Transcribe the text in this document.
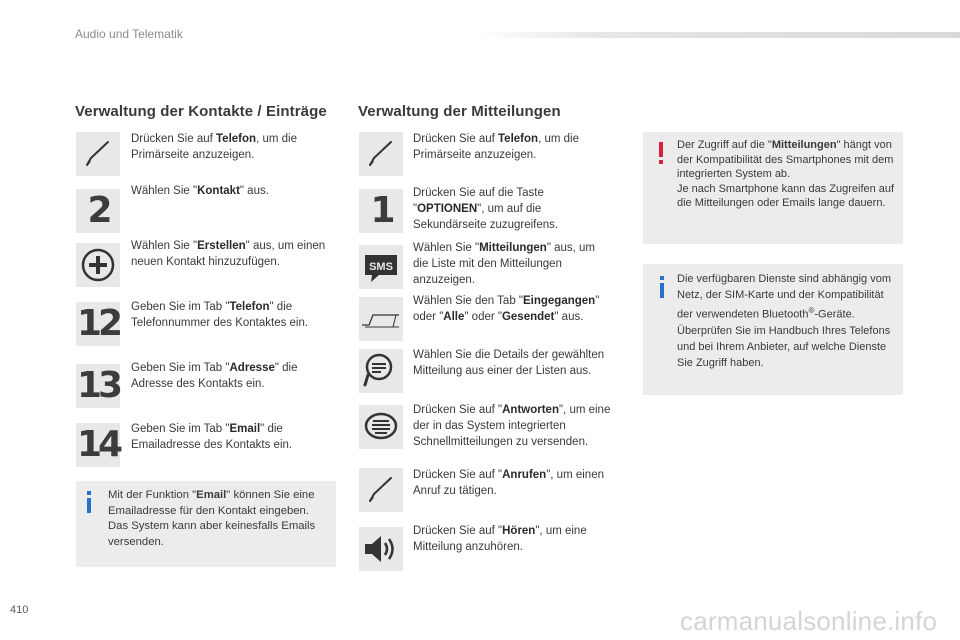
Audio und Telematik
Verwaltung der Kontakte / Einträge
Drücken Sie auf Telefon, um die Primärseite anzuzeigen.
2	Wählen Sie "Kontakt" aus.
Wählen Sie "Erstellen" aus, um einen neuen Kontakt hinzuzufügen.
12 Geben Sie im Tab "Telefon" die Telefonnummer des Kontaktes ein.
13 Geben Sie im Tab "Adresse" die Adresse des Kontakts ein.
14 Geben Sie im Tab "Email" die Emailadresse des Kontakts ein.
Mit der Funktion "Email" können Sie eine Emailadresse für den Kontakt eingeben. Das System kann aber keinesfalls Emails versenden.
Verwaltung der Mitteilungen
Drücken Sie auf Telefon, um die Primärseite anzuzeigen.
1	Drücken Sie auf die Taste "OPTIONEN", um auf die Sekundärseite zuzugreifens.
SMS
Wählen Sie "Mitteilungen" aus, um die Liste mit den Mitteilungen anzuzeigen.
Wählen Sie den Tab "Eingegangen" oder "Alle" oder "Gesendet" aus.
Wählen Sie die Details der gewählten Mitteilung aus einer der Listen aus.
Drücken Sie auf "Antworten", um eine der in das System integrierten Schnellmitteilungen zu versenden.
Drücken Sie auf "Anrufen", um einen Anruf zu tätigen.
Drücken Sie auf "Hören", um eine Mitteilung anzuhören.
Der Zugriff auf die "Mitteilungen" hängt von der Kompatibilität des Smartphones mit dem integrierten System ab.
Je nach Smartphone kann das Zugreifen auf die Mitteilungen oder Emails lange dauern.
Die verfügbaren Dienste sind abhängig vom Netz, der SIM-Karte und der Kompatibilität der verwendeten Bluetooth®-Geräte.
Überprüfen Sie im Handbuch Ihres Telefons und bei Ihrem Anbieter, auf welche Dienste Sie Zugriff haben.
410	carmanualsonline.info
